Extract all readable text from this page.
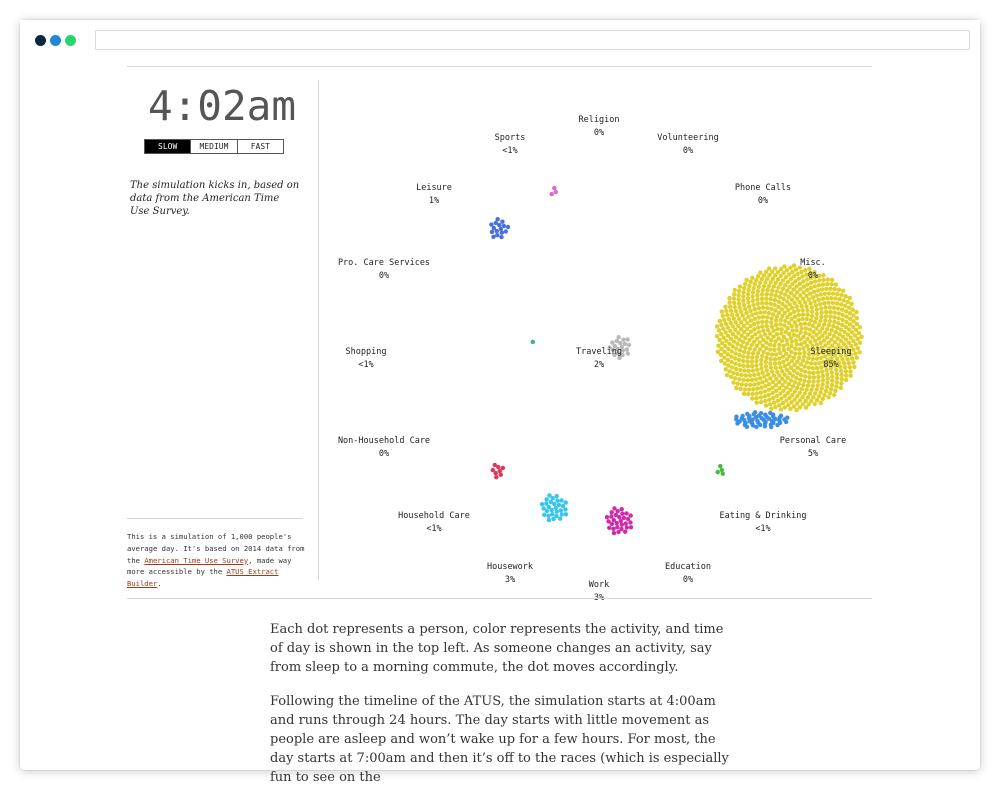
4:02am
SLOW	MEDIUM	FAST
The simulation kicks in, based on data from the American Time Use Survey.
This is a simulation of 1,000 people's average day. It's based on 2014 data from the American Time Use Survey, made way more accessible by the ATUS Extract Builder.
Religion
0%
Volunteering
0%
Phone Calls
0%
Misc.
0%
Sleeping
85%
Personal Care
5%
Eating & Drinking
<1%
Education
0%
Work
Housework
3%
Household Care
<1%
Non-Household Care
0%
Shopping
<1%
Pro. Care Services
0%
Leisure
1%
Sports
<1%
Traveling
2%

Each dot represents a person, color represents the activity, and time of day is shown in the top left. As someone changes an activity, say from sleep to a morning commute, the dot moves accordingly.

Following the timeline of the ATUS, the simulation starts at 4:00am and runs through 24 hours. The day starts with little movement as people are asleep and won’t wake up for a few hours. For most, the day starts at 7:00am and then it’s off to the races (which is especially fun to see on the
